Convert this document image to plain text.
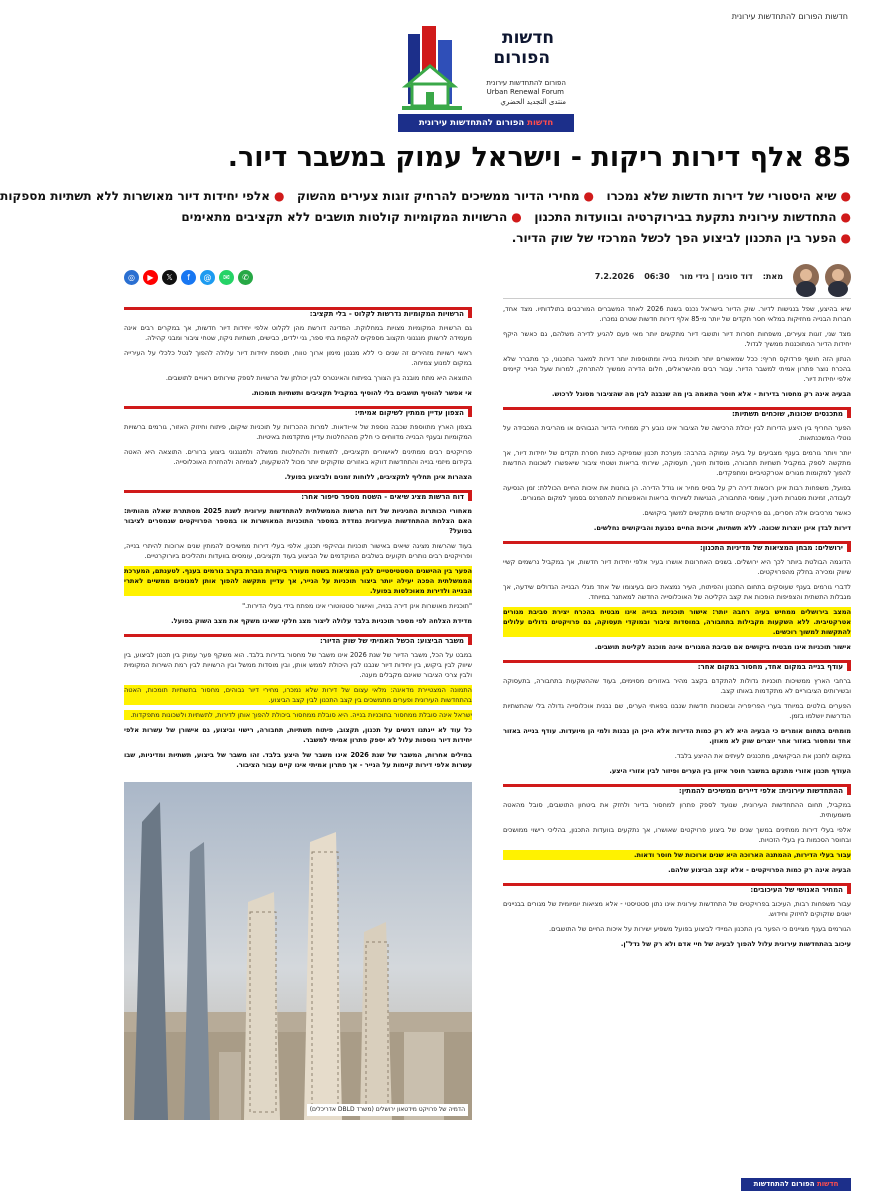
חדשות הפורום להתחדשות עירונית
חדשות
הפורום
הפורום להתחדשות עירונית
Urban Renewal Forum
منتدى التجديد الحضري
חדשות הפורום להתחדשות עירונית
85 אלף דירות ריקות - וישראל עמוק במשבר דיור.

●שיא היסטורי של דירות חדשות שלא נמכרו   ●מחירי הדיור ממשיכים להרחיק זוגות צעירים מהשוק   ●אלפי יחידות דיור מאושרות ללא תשתיות מספקות

●התחדשות עירונית נתקעת בבירוקרטיה ובוועדות התכנון   ●הרשויות המקומיות קולטות תושבים ללא תקציבים מתאימים

●הפער בין התכנון לביצוע הפך לכשל המרכזי של שוק הדיור.

מאת:
דוד סוניגו | גידי מור
06:30
7.2.2026

שיא בהיצע, שפל בנגישות לדיור. שוק הדיור בישראל נכנס בשנת 2026 לאחד המשברים המורכבים בתולדותיו. מצד אחד, חברות הבנייה מחזיקות במלאי חסר תקדים של יותר מ-85 אלף דירות חדשות שטרם נמכרו.

מצד שני, זוגות צעירים, משפחות חסרות דיור ותושבי דיור מתקשים יותר מאי פעם להגיע לדירה משלהם, גם כאשר היקף יחידות הדיור המתוכננות ממשיך לגדול.

הנתון הזה חושף פרדוקס חריף: ככל שמאשרים יותר תוכניות בנייה ומתווספות יותר דירות למאגר התכנוני, כך מתברר שלא בהכרח נוצר פתרון אמיתי למשבר הדיור. עבור רבים מהישראלים, חלום הדירה ממשיך להתרחק, למרות שעל הנייר קיימים אלפי יחידות דיור.

הבעיה אינה רק מחסור בדירות - אלא חוסר התאמה בין מה שנבנה לבין מה שהציבור מסוגל לרכוש.

מתכנסים שכונות, שוכחים תשתיות:

הפער החריף בין היצע הדירות לבין יכולת הרכישה של הציבור אינו נובע רק ממחירי הדיור הגבוהים או מהריבית המכבידה על נוטלי המשכנתאות.

יותר ויותר גורמים בענף מצביעים על בעיה עמוקה בהרבה: מערכת תכנון שמפיקה כמות חסרת תקדים של יחידות דיור, אך מתקשה לספק במקביל תשתיות תחבורה, מוסדות חינוך, תעסוקה, שירותי בריאות ושטחי ציבור שיאפשרו לשכונות החדשות להפוך למקומות מגורים אטרקטיביים ומתפקדים.

בפועל, משפחות רבות אינן רוכשות דירה רק על בסיס מחיר או גודל הדירה. הן בוחנות את איכות החיים הכוללת: זמן הנסיעה לעבודה, זמינות מסגרות חינוך, עומסי התחבורה, הנגישות לשירותי בריאות והאפשרות להתפרנס בסמוך למקום המגורים.

כאשר מרכיבים אלה חסרים, גם פרויקטים חדשים מתקשים למשוך ביקושים.

דירות לבדן אינן יוצרות שכונה. ללא תשתיות, איכות החיים נפגעת והביקושים נחלשים.

ירושלים: מבחן המציאות של מדיניות התכנון:

הדוגמה הבולטת ביותר לכך היא ירושלים. בשנים האחרונות אושרו בעיר אלפי יחידות דיור חדשות, אך במקביל נרשמים קשיי שיווק ומכירה בחלק מהפרויקטים.

לדברי גורמים בענף שעוסקים בתחום התכנון והפיתוח, העיר נמצאת כיום בעיצומו של אחד מגלי הבנייה הגדולים שידעה, אך מגבלות התשתית והצפיפות הופכות את קצב הקליטה של האוכלוסייה החדשה למאתגר במיוחד.

המצב בירושלים ממחיש בעיה רחבה יותר: אישור תוכניות בנייה אינו מבטיח בהכרח יצירת סביבת מגורים אטרקטיבית. ללא השקעות מקבילות בתחבורה, במוסדות ציבור ובמוקדי תעסוקה, גם פרויקטים גדולים עלולים להתקשות למשוך רוכשים.

אישור תוכניות אינו מבטיח ביקושים אם סביבת המגורים אינה מוכנה לקליטת תושבים.

עודף בנייה במקום אחד, מחסור במקום אחר:

ברחבי הארץ ממשיכות תוכניות גדולות להתקדם בקצב מהיר באזורים מסוימים, בעוד שההשקעות בתחבורה, בתעסוקה ובשירותים הציבוריים לא מתקדמות באותו קצב.

הפערים בולטים במיוחד בערי הפריפריה ובשכונות חדשות שנבנו בפאתי הערים, שם נבנית אוכלוסייה גדולה בלי שהתשתיות הנדרשות יושלמו בזמן.

מומחים בתחום אומרים כי הבעיה היא לא רק כמות הדירות אלא היכן הן נבנות ולמי הן מיועדות. עודף בנייה באזור אחד ומחסור באזור אחר יוצרים שוק לא מאוזן.

במקום לתכנן את הביקושים, מתכננים לעיתים את ההיצע בלבד.

העודף תכנון אזורי מתנקם במשבר חוסר איזון בין הערים ופיזור לבין אזורי היצע.

ההתחדשות עירונית: אלפי דיירים ממשיכים להמתין:

במקביל, תחום ההתחדשות העירונית, שנועד לספק פתרון למחסור בדיור ולחזק את ביטחון התושבים, סובל מהאטה משמעותית.

אלפי בעלי דירות ממתינים במשך שנים של ביצוע פרויקטים שאושרו, אך נתקעים בוועדות התכנון, בהליכי רישוי ממושכים ובחוסר הסכמות בין בעלי הזכויות.

עבור בעלי הדירות, ההמתנה הארוכה היא שנים ארוכות של חוסר ודאות.

הבעיה אינה רק כמות הפרויקטים - אלא קצב הביצוע שלהם.

המחיר האנושי של העיכובים:

עבור משפחות רבות, העיכוב בפרויקטים של התחדשות עירונית אינו נתון סטטיסטי - אלא מציאות יומיומית של מגורים בבניינים ישנים שזקוקים לחיזוק וחידוש.

הגורמים בענף מציינים כי הפער בין התכנון המיידי לביצוע בפועל משפיע ישירות על איכות החיים של התושבים.

עיכוב בהתחדשות עירונית עלול להפוך לבעיה של חיי אדם ולא רק של נדל"ן.

✆
✉
@
f
𝕏
▶
◎
הרשויות המקומיות נדרשות לקלוט - בלי תקציב:

גם הרשויות המקומיות מצויות במחלוקת. המדינה דורשת מהן לקלוט אלפי יחידות דיור חדשות, אך במקרים רבים אינה מעמידה לרשותן מנגנוני תקצוב מספקים להקמת בתי ספר, גני ילדים, כבישים, תשתיות ניקוז, שטחי ציבור ומבני קהילה.

ראשי רשויות מזהירים זה שנים כי ללא מנגנון מימון ארוך טווח, תוספת יחידות דיור עלולה להפוך לנטל כלכלי על העירייה במקום למנוע צמיחה.

התוצאה היא מתח מובנה בין הצורך בפיתוח והאינטרס לבין יכולתן של הרשויות לספק שירותים ראויים לתושבים.

אי אפשר להוסיף תושבים בלי להוסיף במקביל תקציבים ותשתיות תומכות.

הצפון עדיין ממתין לשיקום אמיתי:

בצפון הארץ מתווספת שכבה נוספת של אי-ודאות. למרות ההכרזות על תוכניות שיקום, פיתוח וחיזוק האזור, גורמים ברשויות המקומיות ובענף הבנייה מדווחים כי חלק מההחלטות עדיין מתקדמות באיטיות.

פרויקטים רבים ממתינים לאישורים תקציביים, לתשתיות ולהחלטות ממשלה ולמנגנוני ביצוע ברורים. התוצאה היא האטה בקידום מיזמי בנייה והתחדשות דווקא באזורים שזקוקים יותר מכול להשקעות, לצמיחה ולהחזרת האוכלוסייה.

הצהרות אינן תחליף לתקציבים, ללוחות זמנים ולביצוע בפועל.

דוח הרשות מציג שיאים - השטח מספר סיפור אחר:

מאחורי הכותרות החגיגיות של דוח הרשות הממשלתית להתחדשות עירונית לשנת 2025 מסתתרת שאלה מהותית: האם הצלחת ההתחדשות העירונית נמדדת במספר התוכניות המאושרות או במספר הפרויקטים שנמסרים לציבור בפועל?

בעוד שהרשות מציגה שיאים באישור תוכניות ובהיקפי תכנון, אלפי בעלי דירות ממשיכים להמתין שנים ארוכות להיתרי בנייה, ופרויקטים רבים נותרים תקועים בשלבים המוקדמים של הביצוע בעוד תקציבים, עומסים בוועדות ותהליכים ביורוקרטיים.

הפער בין ההישגים הסטטיסטיים לבין המציאות בשטח מעורר ביקורת גוברת בקרב גורמים בענף. לטענתם, המערכת הממשלתית הפכה יעילה יותר ביצור תוכניות על הנייר, אך עדיין מתקשה להפוך אותן למנופים ממשיים לאתרי הבנייה ולדירות מאוכלסות בפועל.

"תוכניות מאושרות אינן דירה בנויה, ואישור סטטוטורי אינו מפתח בידי בעלי הדירות."

מדידת הצלחה לפי מספר תוכניות בלבד עלולה ליצור מצג חלקי שאינו משקף את מצב השוק בפועל.

משבר הביצוע: הכשל האמיתי של שוק הדיור:

במבט על הכל, משבר הדיור של שנת 2026 אינו משבר של מחסור בדירות בלבד. הוא משקף פער עמוק בין תכנון לביצוע, בין שיווק לבין ביקוש, בין יחידות דיור שנבנו לבין היכולת לממש אותן, ובין מוסדות ממשל ובין הרשויות לבין רמת השירות המקומית ולבין צרכי הציבור שאינם מקבלים מענה.

התמונה המצטיירת מדאיגה: מלאי עצום של דירות שלא נמכרו, מחירי דיור גבוהים, מחסור בתשתיות תומכות, האטה בהתחדשות העירונית ופערים מתמשכים בין קצב התכנון לבין קצב הביצוע.

ישראל אינה סובלת ממחסור בתוכניות בנייה. היא סובלת ממחסור ביכולת להפוך אותן לדירות, לתשתיות ולשכונות מתפקדות.

כל עוד לא יינתנו דגשים על תכנון, תקצוב, פיתוח תשתיות, תחבורה, רישוי וביצוע, גם אישורן של עשרות אלפי יחידות דיור נוספות עלול לא יספק פתרון אמיתי למשבר.

במילים אחרות, המשבר של שנת 2026 אינו משבר של היצע בלבד. זהו משבר של ביצוע, תשתיות ומדיניות, שבו עשרות אלפי דירות קיימות על הנייר - אך פתרון אמיתי אינו קיים עבור הציבור.

הדמיה של פרויקט מידטאון ירושלים (משרד DBLD אדריכלים)
חדשות הפורום להתחדשות עירונית
